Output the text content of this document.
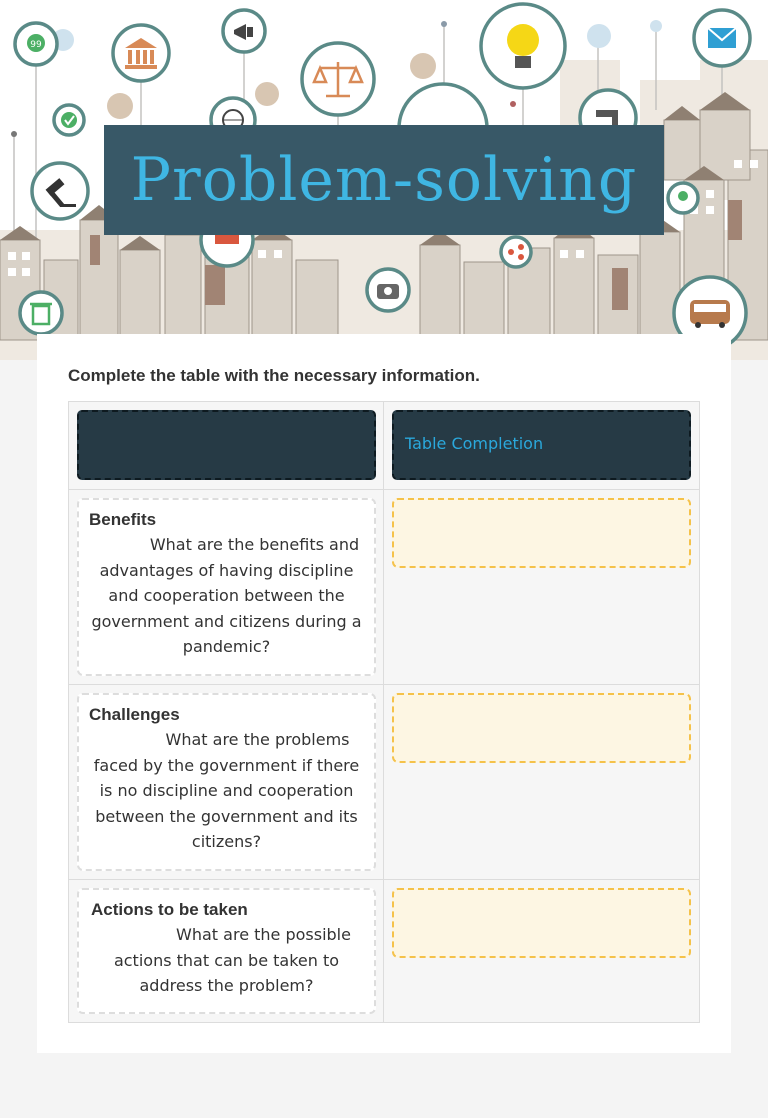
99
Problem-solving
Complete the table with the necessary information.
Table Completion
Benefits
What are the benefits and advantages of having discipline and cooperation between the government and citizens during a pandemic?
Challenges
What are the problems faced by the government if there is no discipline and cooperation between the government and its citizens?
Actions to be taken
What are the possible actions that can be taken to address the problem?
